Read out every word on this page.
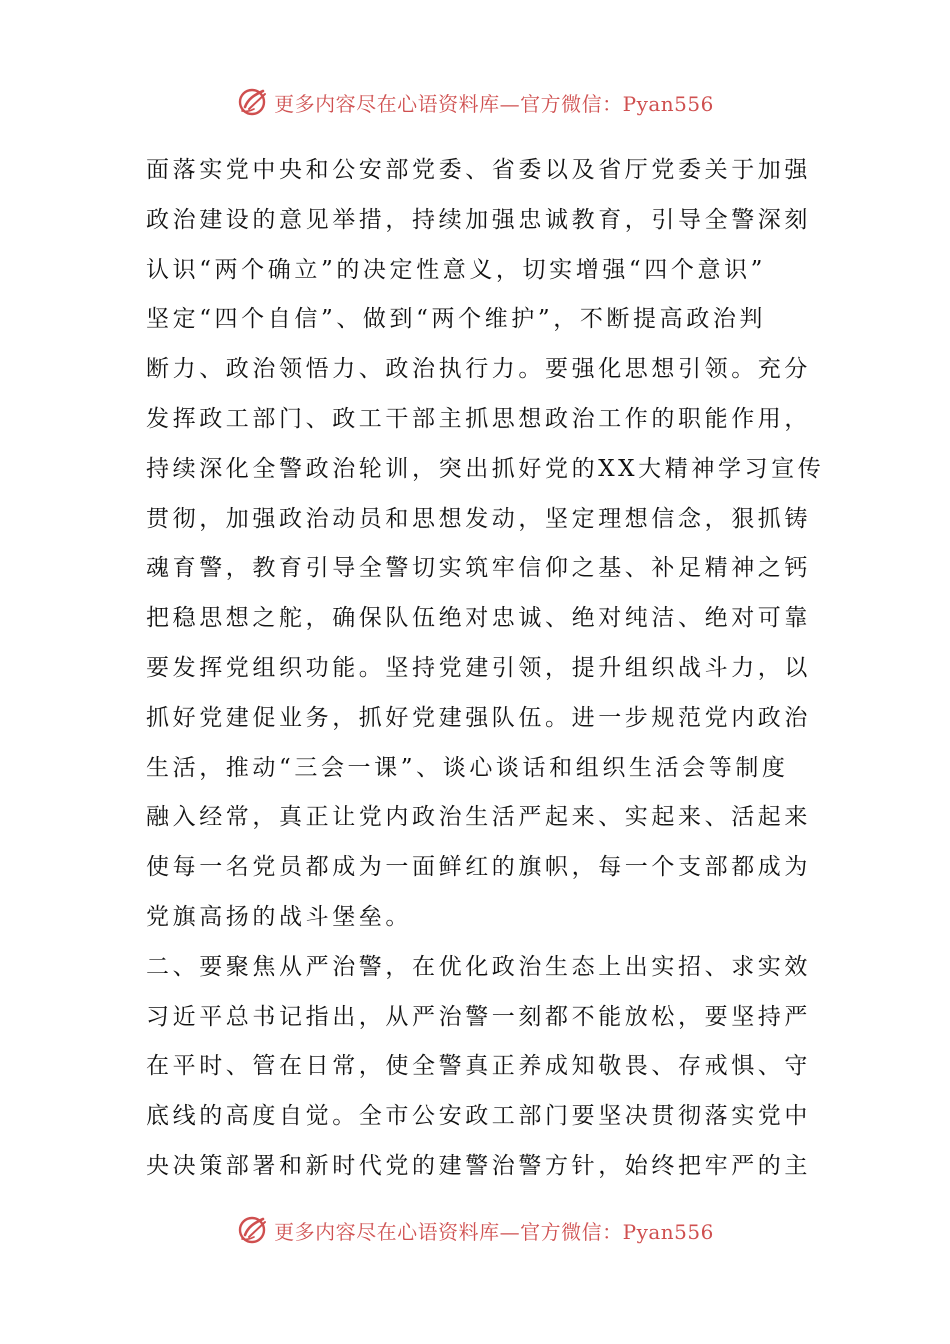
更多内容尽在心语资料库—官方微信：Pyan556
面落实党中央和公安部党委、省委以及省厅党委关于加强
政治建设的意见举措，持续加强忠诚教育，引导全警深刻
认识“两个确立”的决定性意义，切实增强“四个意识”
坚定“四个自信”、做到“两个维护”，不断提高政治判
断力、政治领悟力、政治执行力。要强化思想引领。充分
发挥政工部门、政工干部主抓思想政治工作的职能作用，
持续深化全警政治轮训，突出抓好党的XX大精神学习宣传
贯彻，加强政治动员和思想发动，坚定理想信念，狠抓铸
魂育警，教育引导全警切实筑牢信仰之基、补足精神之钙
把稳思想之舵，确保队伍绝对忠诚、绝对纯洁、绝对可靠
要发挥党组织功能。坚持党建引领，提升组织战斗力，以
抓好党建促业务，抓好党建强队伍。进一步规范党内政治
生活，推动“三会一课”、谈心谈话和组织生活会等制度
融入经常，真正让党内政治生活严起来、实起来、活起来
使每一名党员都成为一面鲜红的旗帜，每一个支部都成为
党旗高扬的战斗堡垒。
二、要聚焦从严治警，在优化政治生态上出实招、求实效
习近平总书记指出，从严治警一刻都不能放松，要坚持严
在平时、管在日常，使全警真正养成知敬畏、存戒惧、守
底线的高度自觉。全市公安政工部门要坚决贯彻落实党中
央决策部署和新时代党的建警治警方针，始终把牢严的主
更多内容尽在心语资料库—官方微信：Pyan556
